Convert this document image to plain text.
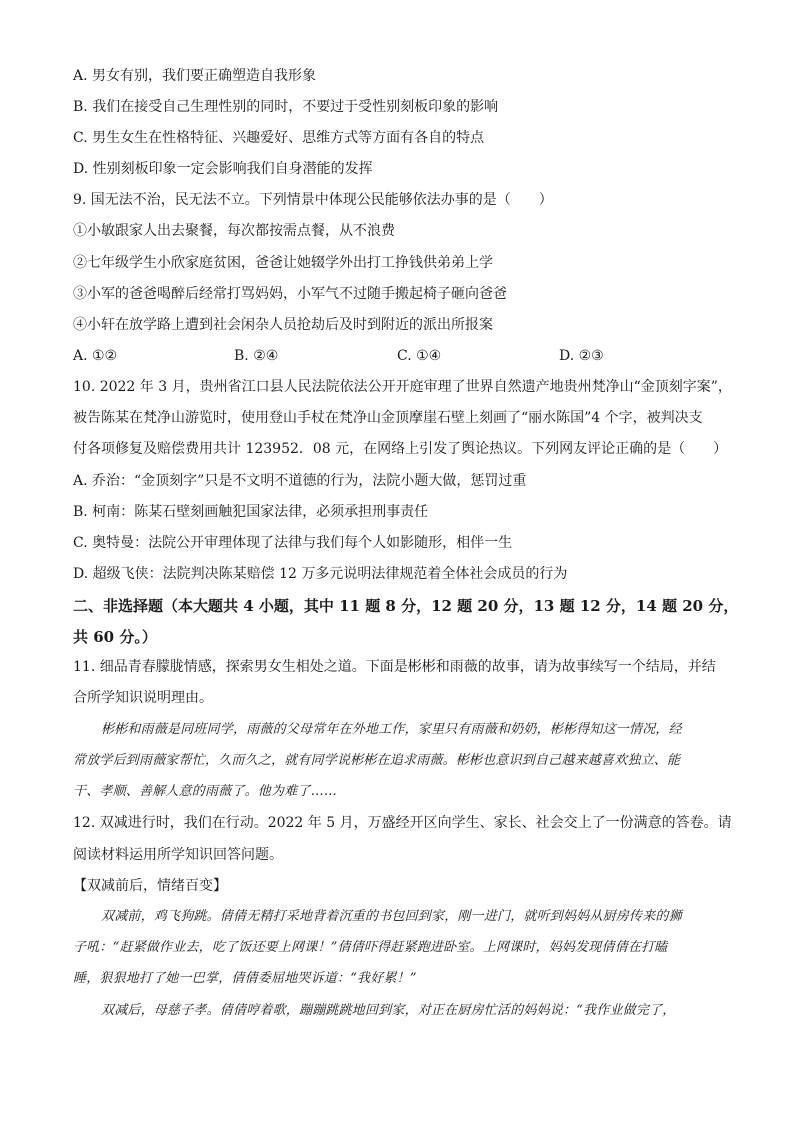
A. 男女有别，我们要正确塑造自我形象
B. 我们在接受自己生理性别的同时，不要过于受性别刻板印象的影响
C. 男生女生在性格特征、兴趣爱好、思维方式等方面有各自的特点
D. 性别刻板印象一定会影响我们自身潜能的发挥
9. 国无法不治，民无法不立。下列情景中体现公民能够依法办事的是（　　）
①小敏跟家人出去聚餐，每次都按需点餐，从不浪费
②七年级学生小欣家庭贫困，爸爸让她辍学外出打工挣钱供弟弟上学
③小军的爸爸喝醉后经常打骂妈妈，小军气不过随手搬起椅子砸向爸爸
④小轩在放学路上遭到社会闲杂人员抢劫后及时到附近的派出所报案
A. ①②	B. ②④	C. ①④	D. ②③
10. 2022 年 3 月，贵州省江口县人民法院依法公开开庭审理了世界自然遗产地贵州梵净山“金顶刻字案”，
被告陈某在梵净山游览时，使用登山手杖在梵净山金顶摩崖石壁上刻画了“丽水陈国”4 个字，被判决支
付各项修复及赔偿费用共计 123952．08 元，在网络上引发了舆论热议。下列网友评论正确的是（　　）
A. 乔治：“金顶刻字”只是不文明不道德的行为，法院小题大做，惩罚过重
B. 柯南：陈某石壁刻画触犯国家法律，必须承担刑事责任
C. 奥特曼：法院公开审理体现了法律与我们每个人如影随形，相伴一生
D. 超级飞侠：法院判决陈某赔偿 12 万多元说明法律规范着全体社会成员的行为
二、非选择题（本大题共 4 小题，其中 11 题 8 分，12 题 20 分，13 题 12 分，14 题 20 分，
共 60 分。）
11. 细品青春朦胧情感，探索男女生相处之道。下面是彬彬和雨薇的故事，请为故事续写一个结局，并结
合所学知识说明理由。
彬彬和雨薇是同班同学，雨薇的父母常年在外地工作，家里只有雨薇和奶奶，彬彬得知这一情况，经
常放学后到雨薇家帮忙，久而久之，就有同学说彬彬在追求雨薇。彬彬也意识到自己越来越喜欢独立、能
干、孝顺、善解人意的雨薇了。他为难了……
12. 双减进行时，我们在行动。2022 年 5 月，万盛经开区向学生、家长、社会交上了一份满意的答卷。请
阅读材料运用所学知识回答问题。
【双减前后，情绪百变】
双减前，鸡飞狗跳。倩倩无精打采地背着沉重的书包回到家，刚一进门，就听到妈妈从厨房传来的狮
子吼：“赶紧做作业去，吃了饭还要上网课！”倩倩吓得赶紧跑进卧室。上网课时，妈妈发现倩倩在打瞌
睡，狠狠地打了她一巴掌，倩倩委屈地哭诉道：“我好累！”
双减后，母慈子孝。倩倩哼着歌，蹦蹦跳跳地回到家，对正在厨房忙活的妈妈说：“我作业做完了，
